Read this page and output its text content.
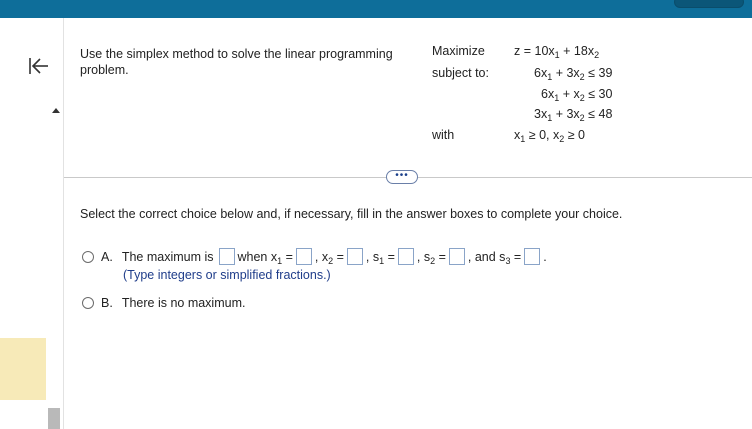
Use the simplex method to solve the linear programming
problem.
Maximize
subject to:
with
$z = 10x_1 + 18x_2$
$6x_1 + 3x_2 \le 39$
$6x_1 + x_2 \le 30$
$3x_1 + 3x_2 \le 48$
$x_1 \ge 0$, $x_2 \ge 0$
•••
Select the correct choice below and, if necessary, fill in the answer boxes to complete your choice.
A. The maximum is when $x_1$ = , $x_2$ = , $s_1$ = , $s_2$ = , and $s_3$ = .
(Type integers or simplified fractions.)
B. There is no maximum.
